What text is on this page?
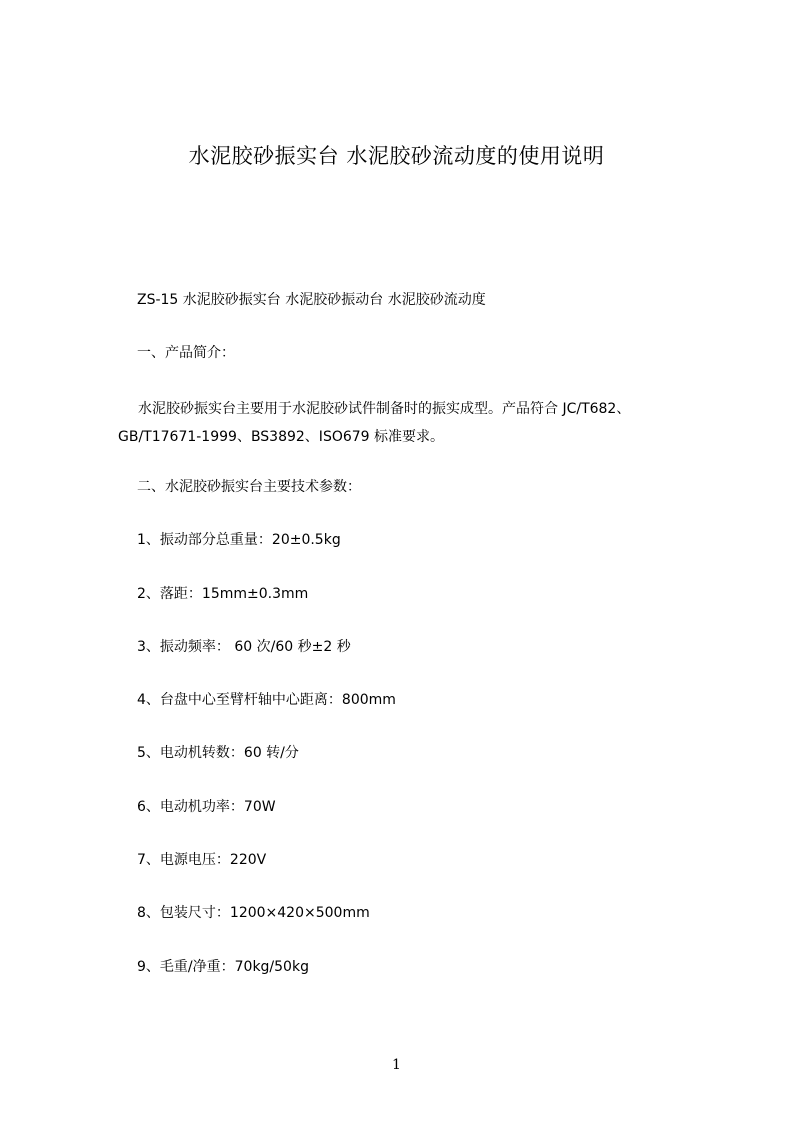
水泥胶砂振实台 水泥胶砂流动度的使用说明
ZS-15 水泥胶砂振实台 水泥胶砂振动台 水泥胶砂流动度
一、产品简介：
水泥胶砂振实台主要用于水泥胶砂试件制备时的振实成型。产品符合 JC/T682、GB/T17671-1999、BS3892、ISO679 标准要求。
二、水泥胶砂振实台主要技术参数：
1、振动部分总重量：20±0.5kg
2、落距：15mm±0.3mm
3、振动频率： 60 次/60 秒±2 秒
4、台盘中心至臂杆轴中心距离：800mm
5、电动机转数：60 转/分
6、电动机功率：70W
7、电源电压：220V
8、包装尺寸：1200×420×500mm
9、毛重/净重：70kg/50kg
1
